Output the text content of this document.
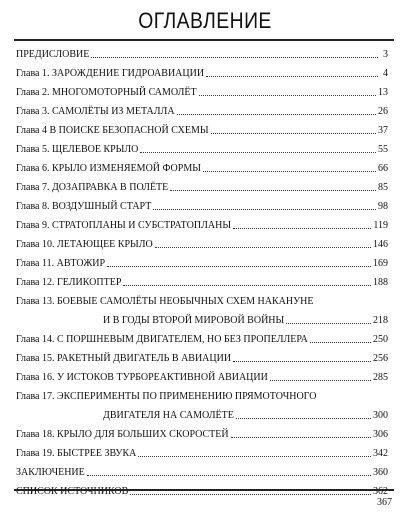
ОГЛАВЛЕНИЕ
ПРЕДИСЛОВИЕ	3
Глава 1. ЗАРОЖДЕНИЕ ГИДРОАВИАЦИИ	4
Глава 2. МНОГОМОТОРНЫЙ САМОЛЁТ	13
Глава 3. САМОЛЁТЫ ИЗ МЕТАЛЛА	26
Глава 4 В ПОИСКЕ БЕЗОПАСНОЙ СХЕМЫ	37
Глава 5. ЩЕЛЕВОЕ КРЫЛО	55
Глава 6. КРЫЛО ИЗМЕНЯЕМОЙ ФОРМЫ	66
Глава 7. ДОЗАПРАВКА В ПОЛЁТЕ	85
Глава 8. ВОЗДУШНЫЙ СТАРТ	98
Глава 9. СТРАТОПЛАНЫ И СУБСТРАТОПЛАНЫ	119
Глава 10. ЛЕТАЮЩЕЕ КРЫЛО	146
Глава 11. АВТОЖИР	169
Глава 12. ГЕЛИКОПТЕР	188
Глава 13. БОЕВЫЕ САМОЛЁТЫ НЕОБЫЧНЫХ СХЕМ НАКАНУНЕ
И В ГОДЫ ВТОРОЙ МИРОВОЙ ВОЙНЫ	218
Глава 14. С ПОРШНЕВЫМ ДВИГАТЕЛЕМ, НО БЕЗ ПРОПЕЛЛЕРА	250
Глава 15. РАКЕТНЫЙ ДВИГАТЕЛЬ В АВИАЦИИ	256
Глава 16. У ИСТОКОВ ТУРБОРЕАКТИВНОЙ АВИАЦИИ	285
Глава 17. ЭКСПЕРИМЕНТЫ ПО ПРИМЕНЕНИЮ ПРЯМОТОЧНОГО
ДВИГАТЕЛЯ НА САМОЛЁТЕ	300
Глава 18. КРЫЛО ДЛЯ БОЛЬШИХ СКОРОСТЕЙ	306
Глава 19. БЫСТРЕЕ ЗВУКА	342
ЗАКЛЮЧЕНИЕ	360
СПИСОК ИСТОЧНИКОВ	362
367
